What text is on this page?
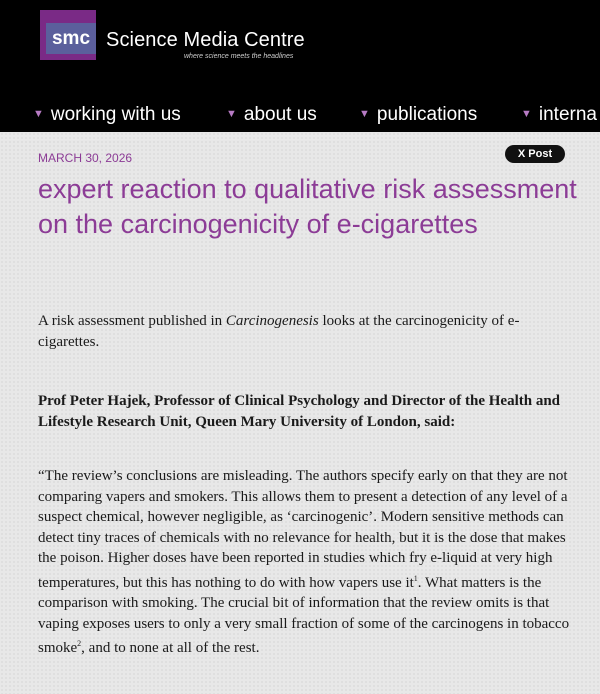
smc Science Media Centre
where science meets the headlines
▼ working with us	▼ about us	▼ publications	▼ interna
MARCH 30, 2026	X Post
expert reaction to qualitative risk assessment on the carcinogenicity of e-cigarettes

A risk assessment published in Carcinogenesis looks at the carcinogenicity of e-cigarettes.

Prof Peter Hajek, Professor of Clinical Psychology and Director of the Health and Lifestyle Research Unit, Queen Mary University of London, said:

“The review’s conclusions are misleading. The authors specify early on that they are not comparing vapers and smokers. This allows them to present a detection of any level of a suspect chemical, however negligible, as ‘carcinogenic’. Modern sensitive methods can detect tiny traces of chemicals with no relevance for health, but it is the dose that makes the poison. Higher doses have been reported in studies which fry e-liquid at very high temperatures, but this has nothing to do with how vapers use $it^1$. What matters is the comparison with smoking. The crucial bit of information that the review omits is that vaping exposes users to only a very small fraction of some of the carcinogens in tobacco smoke$^2$, and to none at all of the rest.
